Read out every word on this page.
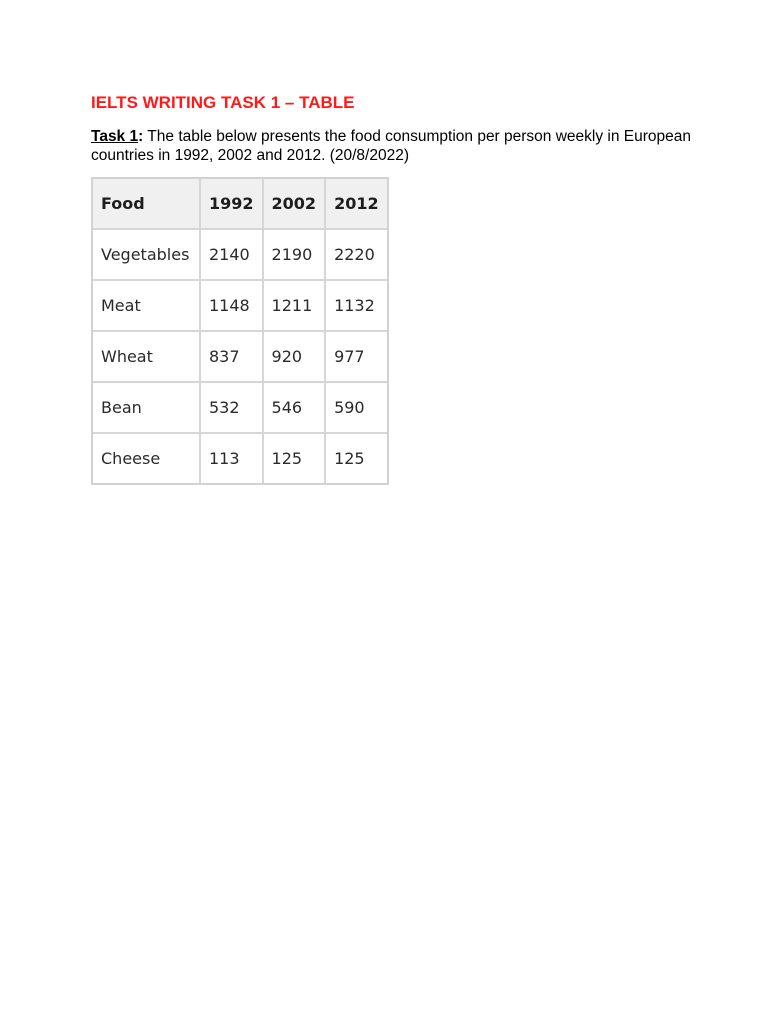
IELTS WRITING TASK 1 – TABLE

Task 1: The table below presents the food consumption per person weekly in European countries in 1992, 2002 and 2012. (20/8/2022)

Food	1992	2002	2012
Vegetables	2140	2190	2220
Meat	1148	1211	1132
Wheat	837	920	977
Bean	532	546	590
Cheese	113	125	125
